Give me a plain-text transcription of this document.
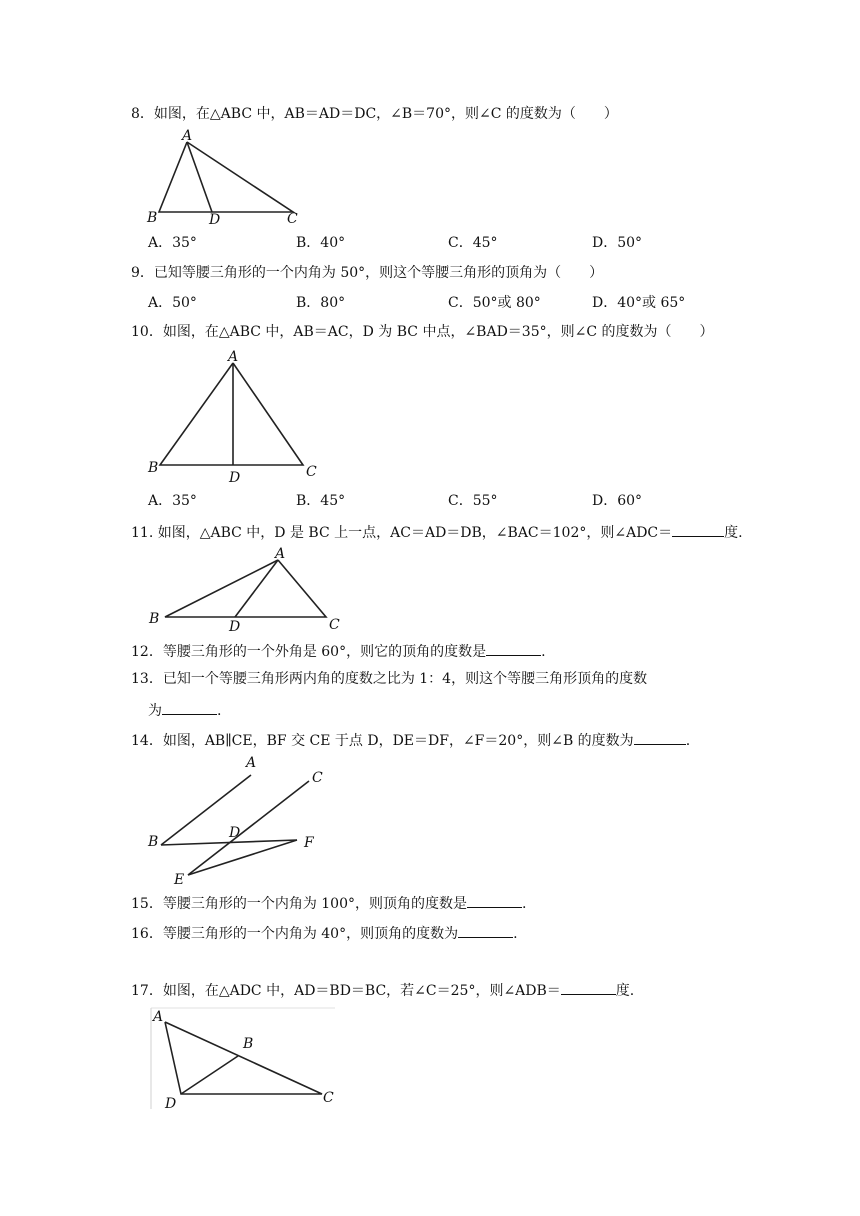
8．如图，在△ABC 中，AB＝AD＝DC，∠B＝70°，则∠C 的度数为（　　）
A
B	D	C
A．35°	B．40°	C．45°	D．50°
9．已知等腰三角形的一个内角为 50°，则这个等腰三角形的顶角为（　　）
A．50°	B．80°	C．50°或 80°	D．40°或 65°
10．如图，在△ABC 中，AB＝AC，D 为 BC 中点，∠BAD＝35°，则∠C 的度数为（　　）
A
B
D	C
A．35°	B．45°	C．55°	D．60°
11. 如图，△ABC 中，D 是 BC 上一点，AC＝AD＝DB，∠BAC＝102°，则∠ADC＝	度.
A
B	D	C
12．等腰三角形的一个外角是 60°，则它的顶角的度数是	.
13．已知一个等腰三角形两内角的度数之比为 1：4，则这个等腰三角形顶角的度数
为	.
14．如图，AB∥CE，BF 交 CE 于点 D，DE＝DF，∠F＝20°，则∠B 的度数为	.
A
C
B
D
F
E
15．等腰三角形的一个内角为 100°，则顶角的度数是	.
16．等腰三角形的一个内角为 40°，则顶角的度数为	.
17．如图，在△ADC 中，AD＝BD＝BC，若∠C＝25°，则∠ADB＝	度.
A
B
D	C
